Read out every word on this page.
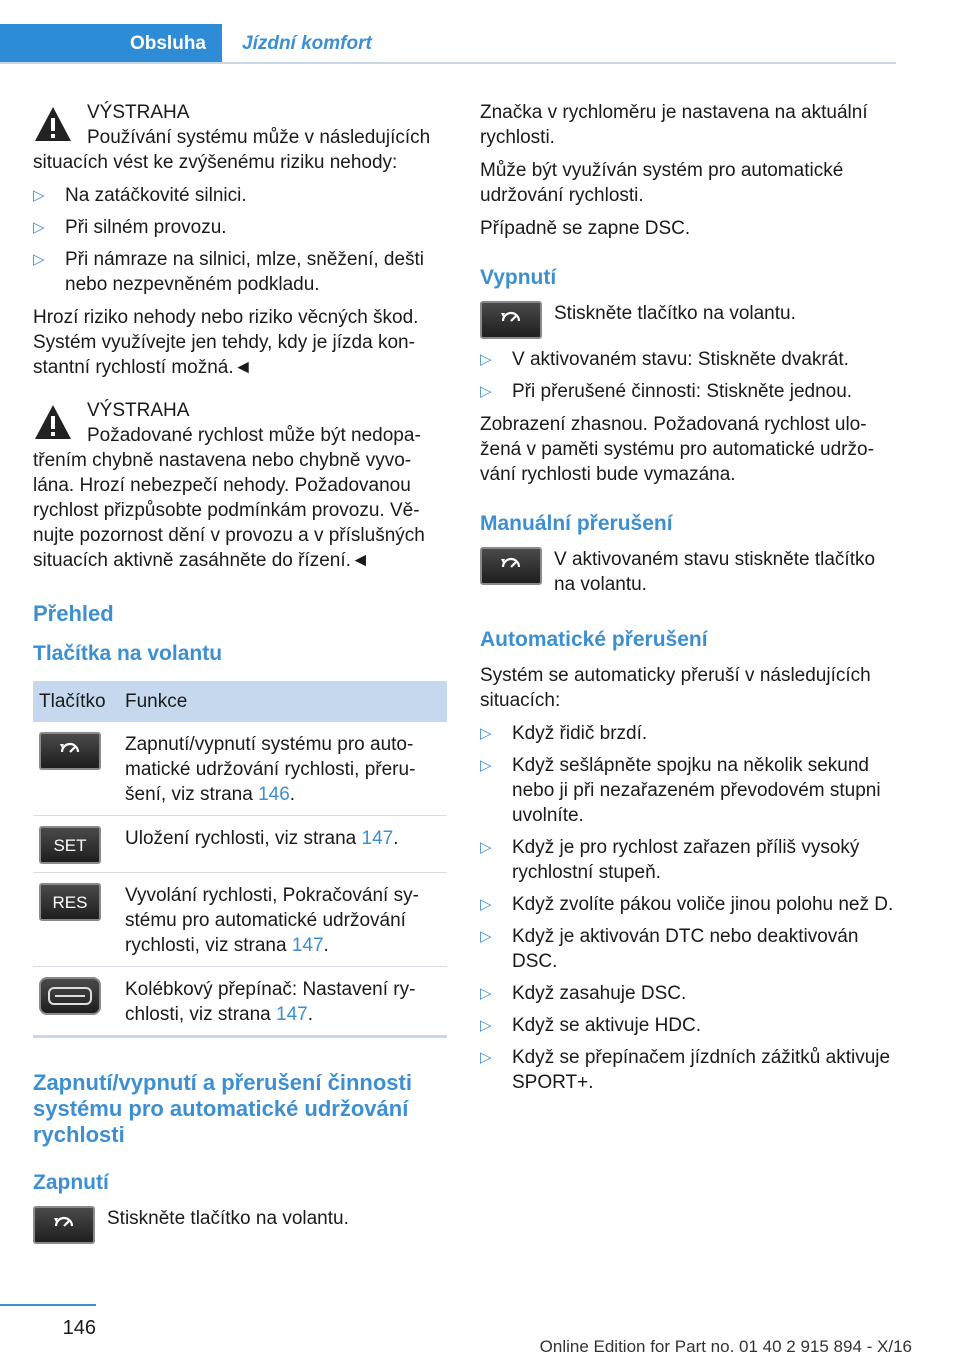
Obsluha	Jízdní komfort
VÝSTRAHA

Používání systému může v následujících situacích vést ke zvýšenému riziku nehody:

▷ Na zatáčkovité silnici.
▷ Při silném provozu.
▷ Při námraze na silnici, mlze, sněžení, dešti nebo nezpevněném podkladu.

Hrozí riziko nehody nebo riziko věcných škod. Systém využívejte jen tehdy, kdy je jízda konstantní rychlostí možná.◄

VÝSTRAHA

Požadované rychlost může být nedopatřením chybně nastavena nebo chybně vyvolána. Hrozí nebezpečí nehody. Požadovanou rychlost přizpůsobte podmínkám provozu. Věnujte pozornost dění v provozu a v příslušných situacích aktivně zasáhněte do řízení.◄

Přehled
Tlačítka na volantu
Tlačítko	Funkce

	Zapnutí/vypnutí systému pro automatické udržování rychlosti, přerušení, viz strana 146.

SET	Uložení rychlosti, viz strana 147.

RES	Vyvolání rychlosti, Pokračování systému pro automatické udržování rychlosti, viz strana 147.

	Kolébkový přepínač: Nastavení rychlosti, viz strana 147.
Zapnutí/vypnutí a přerušení činnosti systému pro automatické udržování rychlosti
Zapnutí
Stiskněte tlačítko na volantu.

Značka v rychloměru je nastavena na aktuální rychlosti.

Může být využíván systém pro automatické udržování rychlosti.

Případně se zapne DSC.

Vypnutí
Stiskněte tlačítko na volantu.
▷ V aktivovaném stavu: Stiskněte dvakrát.
▷ Při přerušené činnosti: Stiskněte jednou.

Zobrazení zhasnou. Požadovaná rychlost uložená v paměti systému pro automatické udržování rychlosti bude vymazána.

Manuální přerušení
V aktivovaném stavu stiskněte tlačítko na volantu.
Automatické přerušení

Systém se automaticky přeruší v následujících situacích:

▷ Když řidič brzdí.
▷ Když sešlápněte spojku na několik sekund nebo ji při nezařazeném převodovém stupni uvolníte.
▷ Když je pro rychlost zařazen příliš vysoký rychlostní stupeň.
▷ Když zvolíte pákou voliče jinou polohu než D.
▷ Když je aktivován DTC nebo deaktivován DSC.
▷ Když zasahuje DSC.
▷ Když se aktivuje HDC.
▷ Když se přepínačem jízdních zážitků aktivuje SPORT+.
146
Online Edition for Part no. 01 40 2 915 894 - X/16
